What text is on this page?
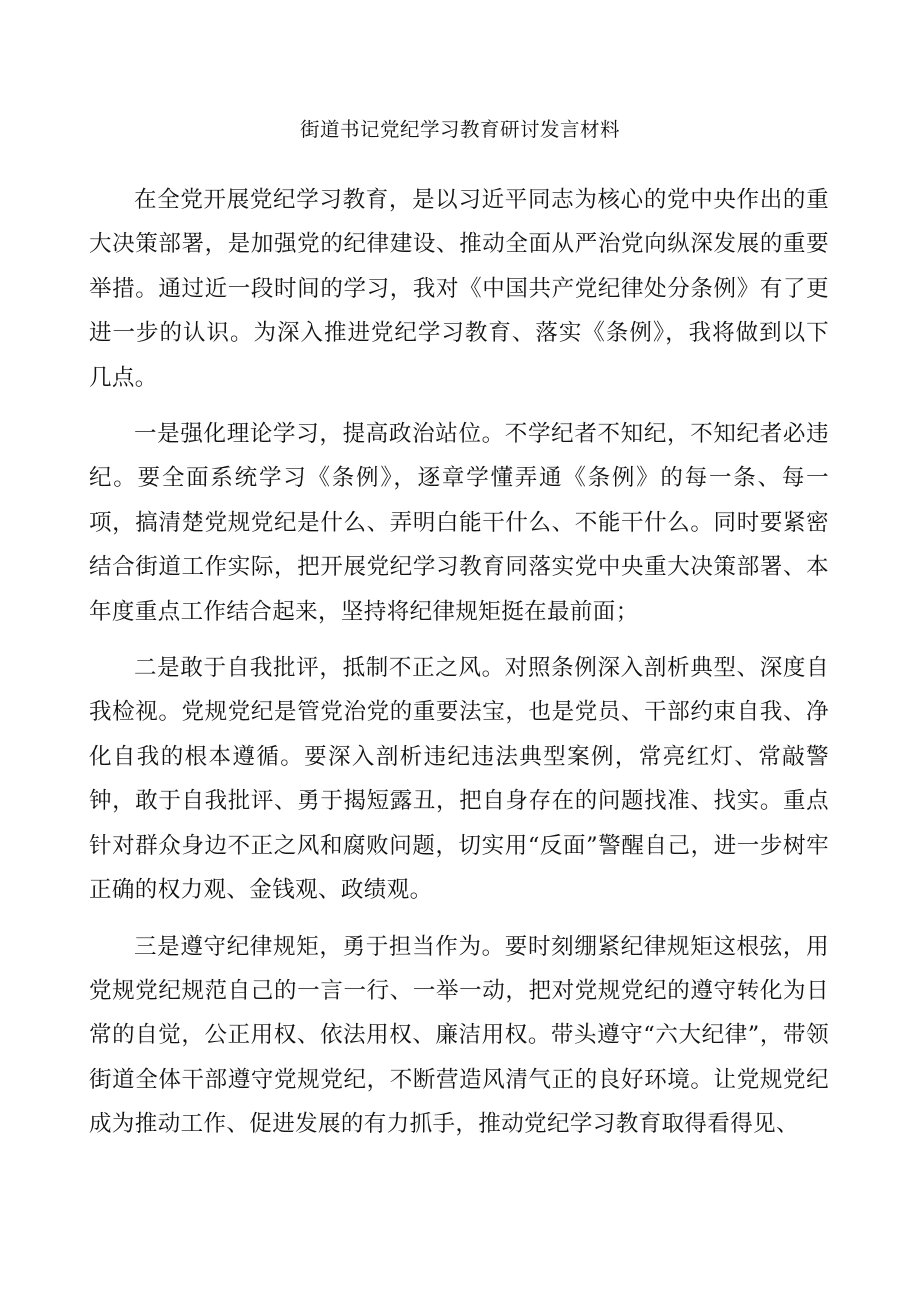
街道书记党纪学习教育研讨发言材料

在全党开展党纪学习教育，是以习近平同志为核心的党中央作出的重大决策部署，是加强党的纪律建设、推动全面从严治党向纵深发展的重要举措。通过近一段时间的学习，我对《中国共产党纪律处分条例》有了更进一步的认识。为深入推进党纪学习教育、落实《条例》，我将做到以下几点。

一是强化理论学习，提高政治站位。不学纪者不知纪，不知纪者必违纪。要全面系统学习《条例》，逐章学懂弄通《条例》的每一条、每一项，搞清楚党规党纪是什么、弄明白能干什么、不能干什么。同时要紧密结合街道工作实际，把开展党纪学习教育同落实党中央重大决策部署、本年度重点工作结合起来，坚持将纪律规矩挺在最前面；

二是敢于自我批评，抵制不正之风。对照条例深入剖析典型、深度自我检视。党规党纪是管党治党的重要法宝，也是党员、干部约束自我、净化自我的根本遵循。要深入剖析违纪违法典型案例，常亮红灯、常敲警钟，敢于自我批评、勇于揭短露丑，把自身存在的问题找准、找实。重点针对群众身边不正之风和腐败问题，切实用“反面”警醒自己，进一步树牢正确的权力观、金钱观、政绩观。

三是遵守纪律规矩，勇于担当作为。要时刻绷紧纪律规矩这根弦，用党规党纪规范自己的一言一行、一举一动，把对党规党纪的遵守转化为日常的自觉，公正用权、依法用权、廉洁用权。带头遵守“六大纪律”，带领街道全体干部遵守党规党纪，不断营造风清气正的良好环境。让党规党纪成为推动工作、促进发展的有力抓手，推动党纪学习教育取得看得见、
